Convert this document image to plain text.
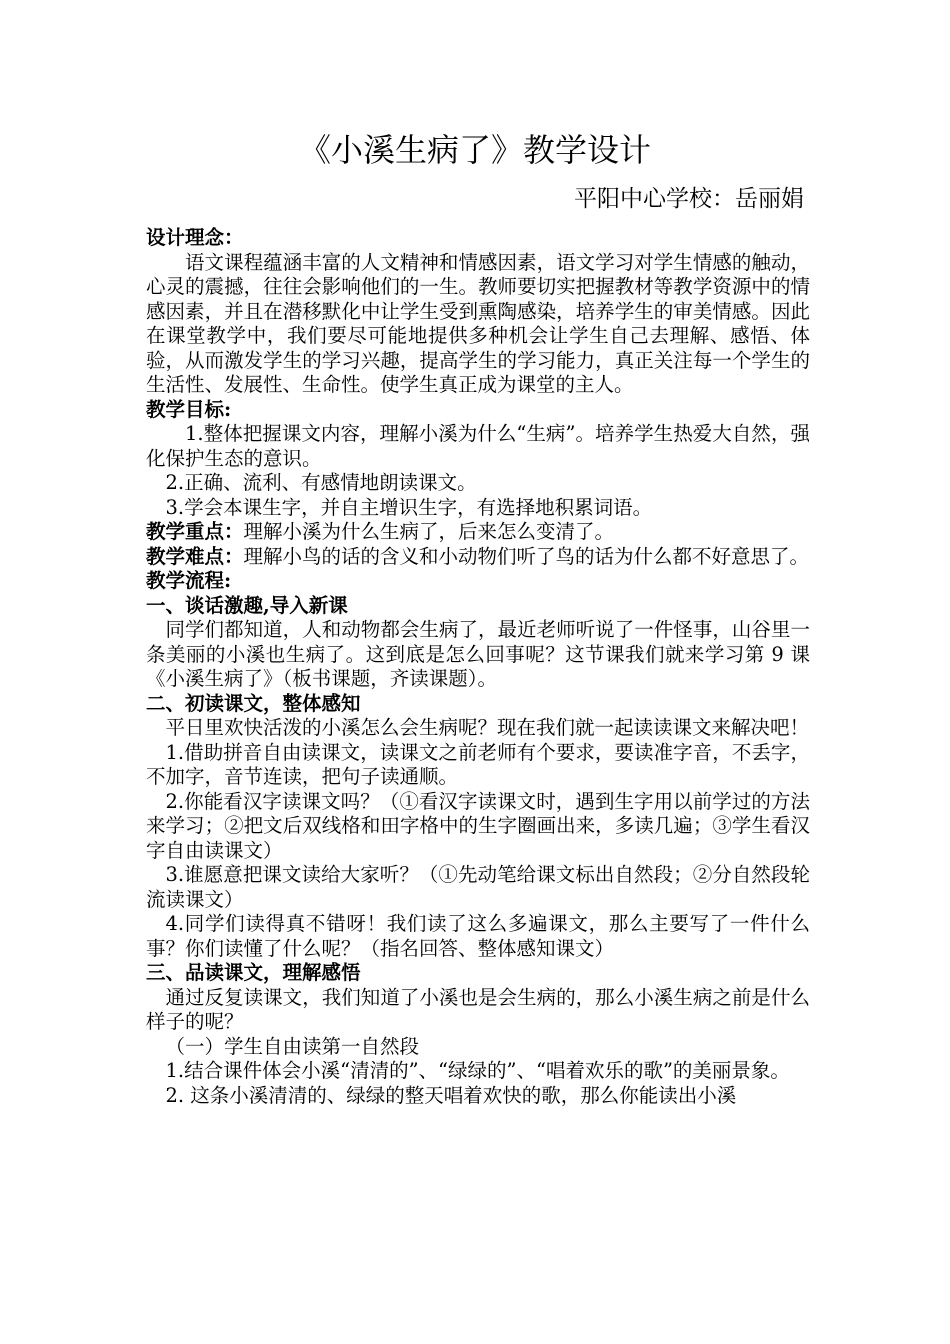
《小溪生病了》教学设计

平阳中心学校：岳丽娟

设计理念：

语文课程蕴涵丰富的人文精神和情感因素，语文学习对学生情感的触动，心灵的震撼，往往会影响他们的一生。教师要切实把握教材等教学资源中的情感因素，并且在潜移默化中让学生受到熏陶感染，培养学生的审美情感。因此在课堂教学中，我们要尽可能地提供多种机会让学生自己去理解、感悟、体验，从而激发学生的学习兴趣，提高学生的学习能力，真正关注每一个学生的生活性、发展性、生命性。使学生真正成为课堂的主人。

教学目标:

1.整体把握课文内容，理解小溪为什么“生病”。培养学生热爱大自然，强化保护生态的意识。

2.正确、流利、有感情地朗读课文。

3.学会本课生字，并自主增识生字，有选择地积累词语。

教学重点：理解小溪为什么生病了，后来怎么变清了。

教学难点：理解小鸟的话的含义和小动物们听了鸟的话为什么都不好意思了。

教学流程:

一、谈话激趣,导入新课

同学们都知道，人和动物都会生病了，最近老师听说了一件怪事，山谷里一条美丽的小溪也生病了。这到底是怎么回事呢？这节课我们就来学习第 9 课《小溪生病了》（板书课题，齐读课题）。

二、初读课文，整体感知

平日里欢快活泼的小溪怎么会生病呢？现在我们就一起读读课文来解决吧！

1.借助拼音自由读课文，读课文之前老师有个要求，要读准字音，不丢字，不加字，音节连读，把句子读通顺。

2.你能看汉字读课文吗？（①看汉字读课文时，遇到生字用以前学过的方法来学习；②把文后双线格和田字格中的生字圈画出来，多读几遍；③学生看汉字自由读课文）

3.谁愿意把课文读给大家听？（①先动笔给课文标出自然段；②分自然段轮流读课文）

4.同学们读得真不错呀！我们读了这么多遍课文，那么主要写了一件什么事？你们读懂了什么呢？（指名回答、整体感知课文）

三、品读课文，理解感悟

通过反复读课文，我们知道了小溪也是会生病的，那么小溪生病之前是什么样子的呢？

（一）学生自由读第一自然段

1.结合课件体会小溪“清清的”、“绿绿的”、“唱着欢乐的歌”的美丽景象。

2. 这条小溪清清的、绿绿的整天唱着欢快的歌，那么你能读出小溪
